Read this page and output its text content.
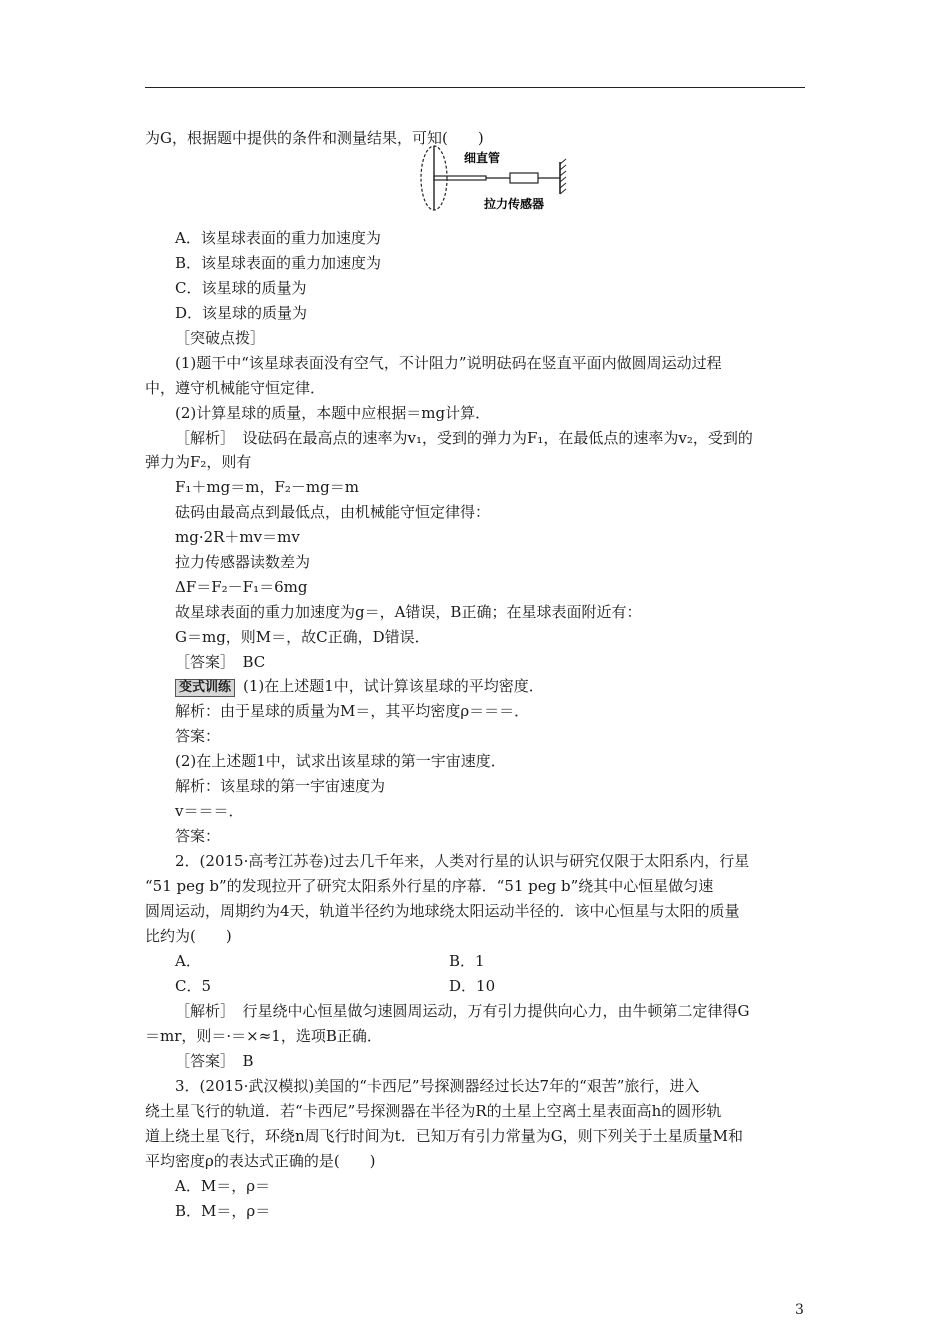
为G，根据题中提供的条件和测量结果，可知(　　)
细直管
拉力传感器
A．该星球表面的重力加速度为
B．该星球表面的重力加速度为
C．该星球的质量为
D．该星球的质量为
［突破点拨］
(1)题干中“该星球表面没有空气，不计阻力”说明砝码在竖直平面内做圆周运动过程
中，遵守机械能守恒定律．
(2)计算星球的质量，本题中应根据＝mg计算．
［解析］　设砝码在最高点的速率为v₁，受到的弹力为F₁，在最低点的速率为v₂，受到的
弹力为F₂，则有
F₁＋mg＝m，F₂－mg＝m
砝码由最高点到最低点，由机械能守恒定律得：
mg·2R＋mv＝mv
拉力传感器读数差为
ΔF＝F₂－F₁＝6mg
故星球表面的重力加速度为g＝，A错误，B正确；在星球表面附近有：
G＝mg，则M＝，故C正确，D错误．
［答案］　BC
变式训练 (1)在上述题1中，试计算该星球的平均密度．
解析：由于星球的质量为M＝，其平均密度ρ＝＝＝．
答案：
(2)在上述题1中，试求出该星球的第一宇宙速度．
解析：该星球的第一宇宙速度为
v＝＝＝．
答案：
2．(2015·高考江苏卷)过去几千年来，人类对行星的认识与研究仅限于太阳系内，行星
“51 peg b”的发现拉开了研究太阳系外行星的序幕．“51 peg b”绕其中心恒星做匀速
圆周运动，周期约为4天，轨道半径约为地球绕太阳运动半径的．该中心恒星与太阳的质量
比约为(　　)
A．	B．1
C．5	D．10
［解析］　行星绕中心恒星做匀速圆周运动，万有引力提供向心力，由牛顿第二定律得G
＝mr，则＝·＝×≈1，选项B正确．
［答案］　B
3．(2015·武汉模拟)美国的“卡西尼”号探测器经过长达7年的“艰苦”旅行，进入
绕土星飞行的轨道．若“卡西尼”号探测器在半径为R的土星上空离土星表面高h的圆形轨
道上绕土星飞行，环绕n周飞行时间为t．已知万有引力常量为G，则下列关于土星质量M和
平均密度ρ的表达式正确的是(　　)
A．M＝，ρ＝
B．M＝，ρ＝
3
